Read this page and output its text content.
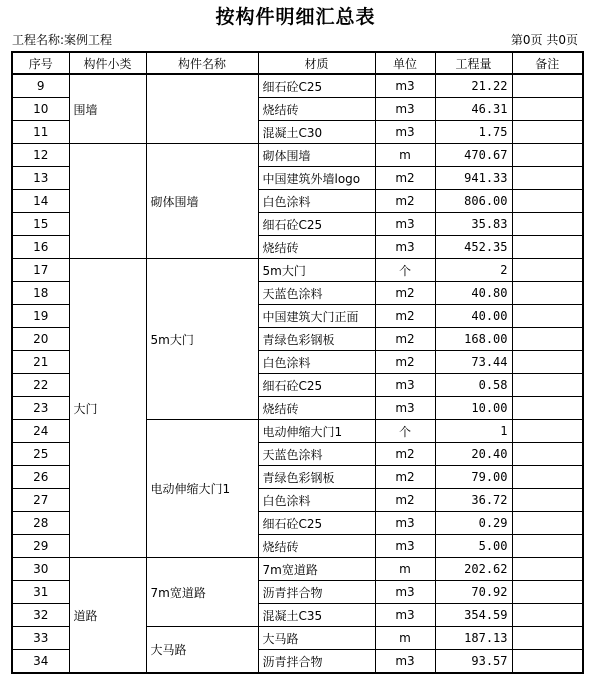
按构件明细汇总表
工程名称:案例工程	第0页 共0页
序号	构件小类	构件名称	材质	单位	工程量	备注
9	围墙		细石砼C25	m3	21.22	
10			烧结砖	m3	46.31	
11			混凝土C30	m3	1.75	
12		砌体围墙	砌体围墙	m	470.67	
13			中国建筑外墙logo	m2	941.33	
14			白色涂料	m2	806.00	
15			细石砼C25	m3	35.83	
16			烧结砖	m3	452.35	
17	大门	5m大门	5m大门	个	2	
18			天蓝色涂料	m2	40.80	
19			中国建筑大门正面	m2	40.00	
20			青绿色彩钢板	m2	168.00	
21			白色涂料	m2	73.44	
22			细石砼C25	m3	0.58	
23			烧结砖	m3	10.00	
24		电动伸缩大门1	电动伸缩大门1	个	1	
25			天蓝色涂料	m2	20.40	
26			青绿色彩钢板	m2	79.00	
27			白色涂料	m2	36.72	
28			细石砼C25	m3	0.29	
29			烧结砖	m3	5.00	
30	道路	7m宽道路	7m宽道路	m	202.62	
31			沥青拌合物	m3	70.92	
32			混凝土C35	m3	354.59	
33		大马路	大马路	m	187.13	
34			沥青拌合物	m3	93.57	
